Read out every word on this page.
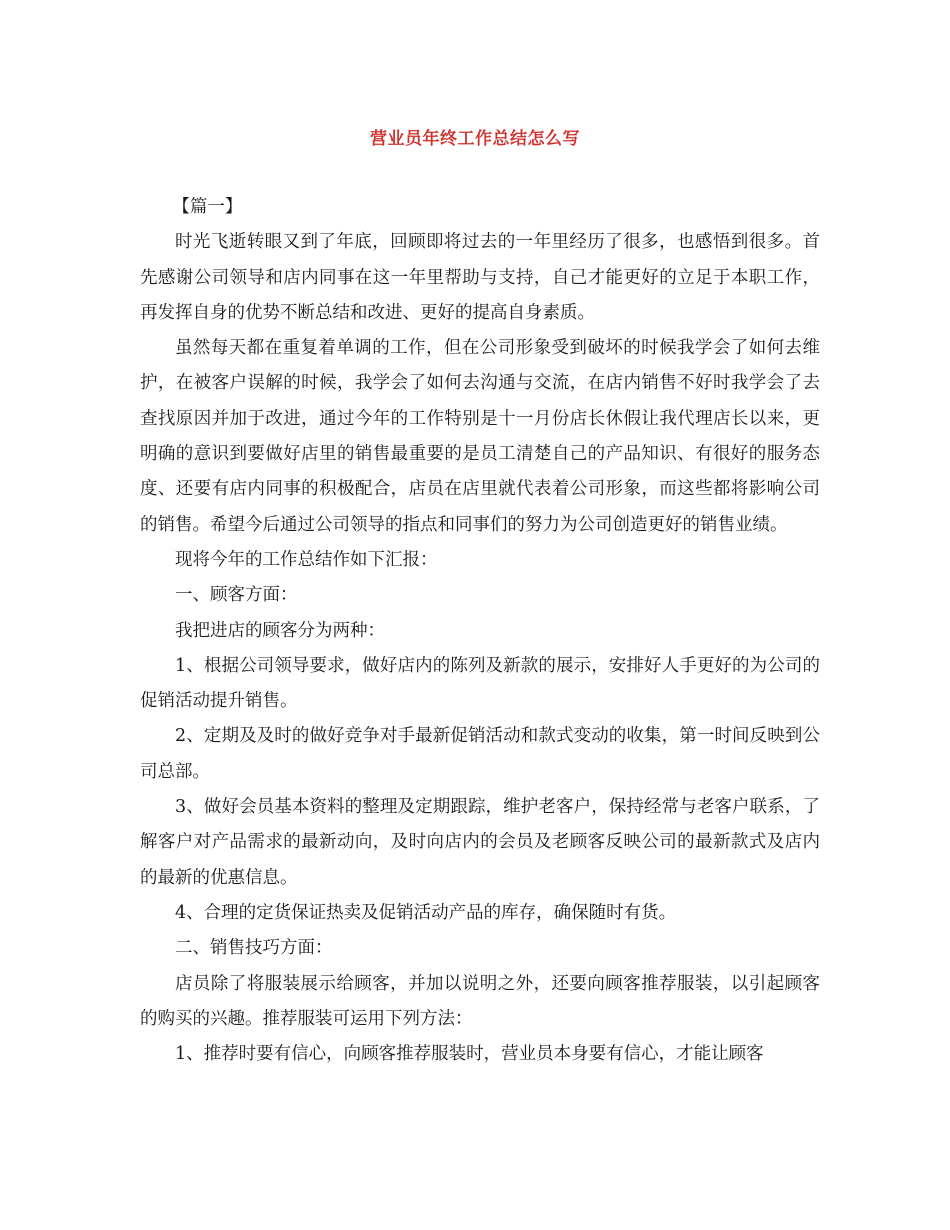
营业员年终工作总结怎么写

【篇一】

时光飞逝转眼又到了年底，回顾即将过去的一年里经历了很多，也感悟到很多。首先感谢公司领导和店内同事在这一年里帮助与支持，自己才能更好的立足于本职工作，再发挥自身的优势不断总结和改进、更好的提高自身素质。

虽然每天都在重复着单调的工作，但在公司形象受到破坏的时候我学会了如何去维护，在被客户误解的时候，我学会了如何去沟通与交流，在店内销售不好时我学会了去查找原因并加于改进，通过今年的工作特别是十一月份店长休假让我代理店长以来，更明确的意识到要做好店里的销售最重要的是员工清楚自己的产品知识、有很好的服务态度、还要有店内同事的积极配合，店员在店里就代表着公司形象，而这些都将影响公司的销售。希望今后通过公司领导的指点和同事们的努力为公司创造更好的销售业绩。

现将今年的工作总结作如下汇报：

一、顾客方面：

我把进店的顾客分为两种：

1、根据公司领导要求，做好店内的陈列及新款的展示，安排好人手更好的为公司的促销活动提升销售。

2、定期及及时的做好竞争对手最新促销活动和款式变动的收集，第一时间反映到公司总部。

3、做好会员基本资料的整理及定期跟踪，维护老客户，保持经常与老客户联系，了解客户对产品需求的最新动向，及时向店内的会员及老顾客反映公司的最新款式及店内的最新的优惠信息。

4、合理的定货保证热卖及促销活动产品的库存，确保随时有货。

二、销售技巧方面：

店员除了将服装展示给顾客，并加以说明之外，还要向顾客推荐服装，以引起顾客的购买的兴趣。推荐服装可运用下列方法：

1、推荐时要有信心，向顾客推荐服装时，营业员本身要有信心，才能让顾客
